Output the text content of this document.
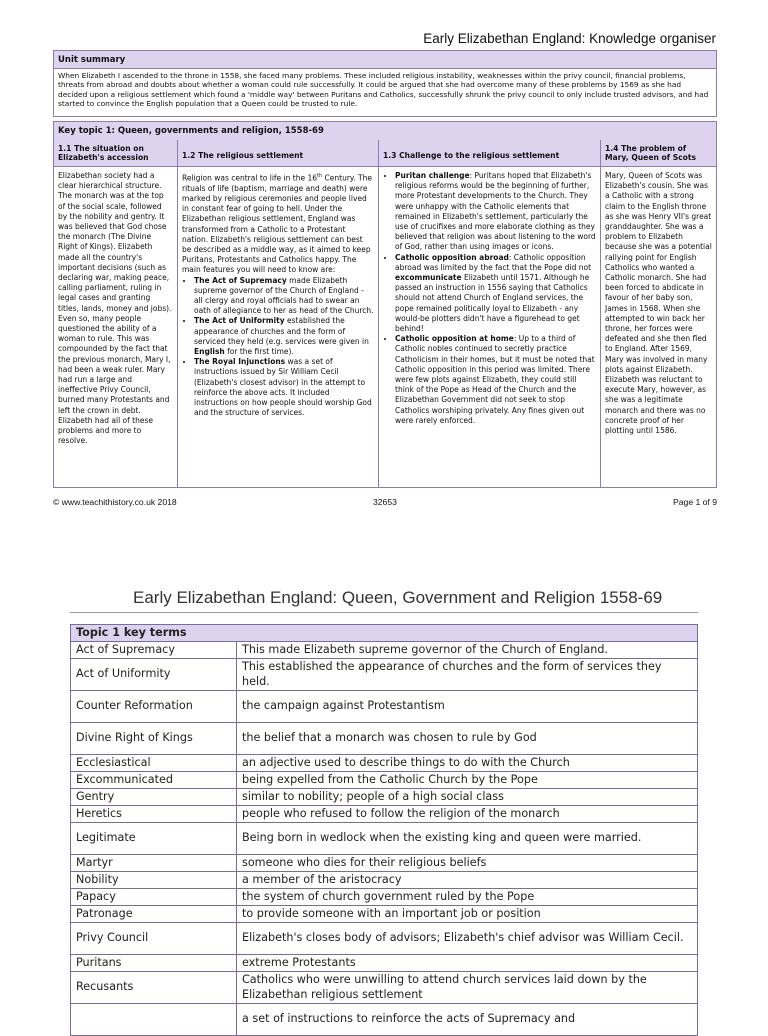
Early Elizabethan England: Knowledge organiser
Unit summary
When Elizabeth I ascended to the throne in 1558, she faced many problems. These included religious instability, weaknesses within the privy council, financial problems, threats from abroad and doubts about whether a woman could rule successfully. It could be argued that she had overcome many of these problems by 1569 as she had decided upon a religious settlement which found a 'middle way' between Puritans and Catholics, successfully shrunk the privy council to only include trusted advisors, and had started to convince the English population that a Queen could be trusted to rule.
Key topic 1: Queen, governments and religion, 1558-69
1.1 The situation on Elizabeth's accession
Elizabethan society had a clear hierarchical structure. The monarch was at the top of the social scale, followed by the nobility and gentry. It was believed that God chose the monarch (The Divine Right of Kings). Elizabeth made all the country's important decisions (such as declaring war, making peace, calling parliament, ruling in legal cases and granting titles, lands, money and jobs). Even so, many people questioned the ability of a woman to rule. This was compounded by the fact that the previous monarch, Mary I, had been a weak ruler. Mary had run a large and ineffective Privy Council, burned many Protestants and left the crown in debt. Elizabeth had all of these problems and more to resolve.
1.2 The religious settlement

Religion was central to life in the 16th Century. The rituals of life (baptism, marriage and death) were marked by religious ceremonies and people lived in constant fear of going to hell. Under the Elizabethan religious settlement, England was transformed from a Catholic to a Protestant nation. Elizabeth's religious settlement can best be described as a middle way, as it aimed to keep Puritans, Protestants and Catholics happy. The main features you will need to know are:

• The Act of Supremacy made Elizabeth supreme governor of the Church of England - all clergy and royal officials had to swear an oath of allegiance to her as head of the Church.
• The Act of Uniformity established the appearance of churches and the form of serviced they held (e.g. services were given in English for the first time).
• The Royal Injunctions was a set of instructions issued by Sir William Cecil (Elizabeth's closest advisor) in the attempt to reinforce the above acts. It included instructions on how people should worship God and the structure of services.
1.3 Challenge to the religious settlement
• Puritan challenge: Puritans hoped that Elizabeth's religious reforms would be the beginning of further, more Protestant developments to the Church. They were unhappy with the Catholic elements that remained in Elizabeth's settlement, particularly the use of crucifixes and more elaborate clothing as they believed that religion was about listening to the word of God, rather than using images or icons.
• Catholic opposition abroad: Catholic opposition abroad was limited by the fact that the Pope did not excommunicate Elizabeth until 1571. Although he passed an instruction in 1556 saying that Catholics should not attend Church of England services, the pope remained politically loyal to Elizabeth - any would-be plotters didn't have a figurehead to get behind!
• Catholic opposition at home: Up to a third of Catholic nobles continued to secretly practice Catholicism in their homes, but it must be noted that Catholic opposition in this period was limited. There were few plots against Elizabeth, they could still think of the Pope as Head of the Church and the Elizabethan Government did not seek to stop Catholics worshiping privately. Any fines given out were rarely enforced.
1.4 The problem of Mary, Queen of Scots
Mary, Queen of Scots was Elizabeth's cousin. She was a Catholic with a strong claim to the English throne as she was Henry VII's great granddaughter. She was a problem to Elizabeth because she was a potential rallying point for English Catholics who wanted a Catholic monarch. She had been forced to abdicate in favour of her baby son, James in 1568. When she attempted to win back her throne, her forces were defeated and she then fled to England. After 1569, Mary was involved in many plots against Elizabeth. Elizabeth was reluctant to execute Mary, however, as she was a legitimate monarch and there was no concrete proof of her plotting until 1586.
© www.teachithistory.co.uk 2018	32653	Page 1 of 9
Early Elizabethan England: Queen, Government and Religion 1558-69
Topic 1 key terms	
Act of Supremacy	This made Elizabeth supreme governor of the Church of England.
Act of Uniformity	This established the appearance of churches and the form of services they held.
Counter Reformation	the campaign against Protestantism
Divine Right of Kings	the belief that a monarch was chosen to rule by God
Ecclesiastical	an adjective used to describe things to do with the Church
Excommunicated	being expelled from the Catholic Church by the Pope
Gentry	similar to nobility; people of a high social class
Heretics	people who refused to follow the religion of the monarch
Legitimate	Being born in wedlock when the existing king and queen were married.
Martyr	someone who dies for their religious beliefs
Nobility	a member of the aristocracy
Papacy	the system of church government ruled by the Pope
Patronage	to provide someone with an important job or position
Privy Council	Elizabeth's closes body of advisors; Elizabeth's chief advisor was William Cecil.
Puritans	extreme Protestants
Recusants	Catholics who were unwilling to attend church services laid down by the Elizabethan religious settlement
	a set of instructions to reinforce the acts of Supremacy and
